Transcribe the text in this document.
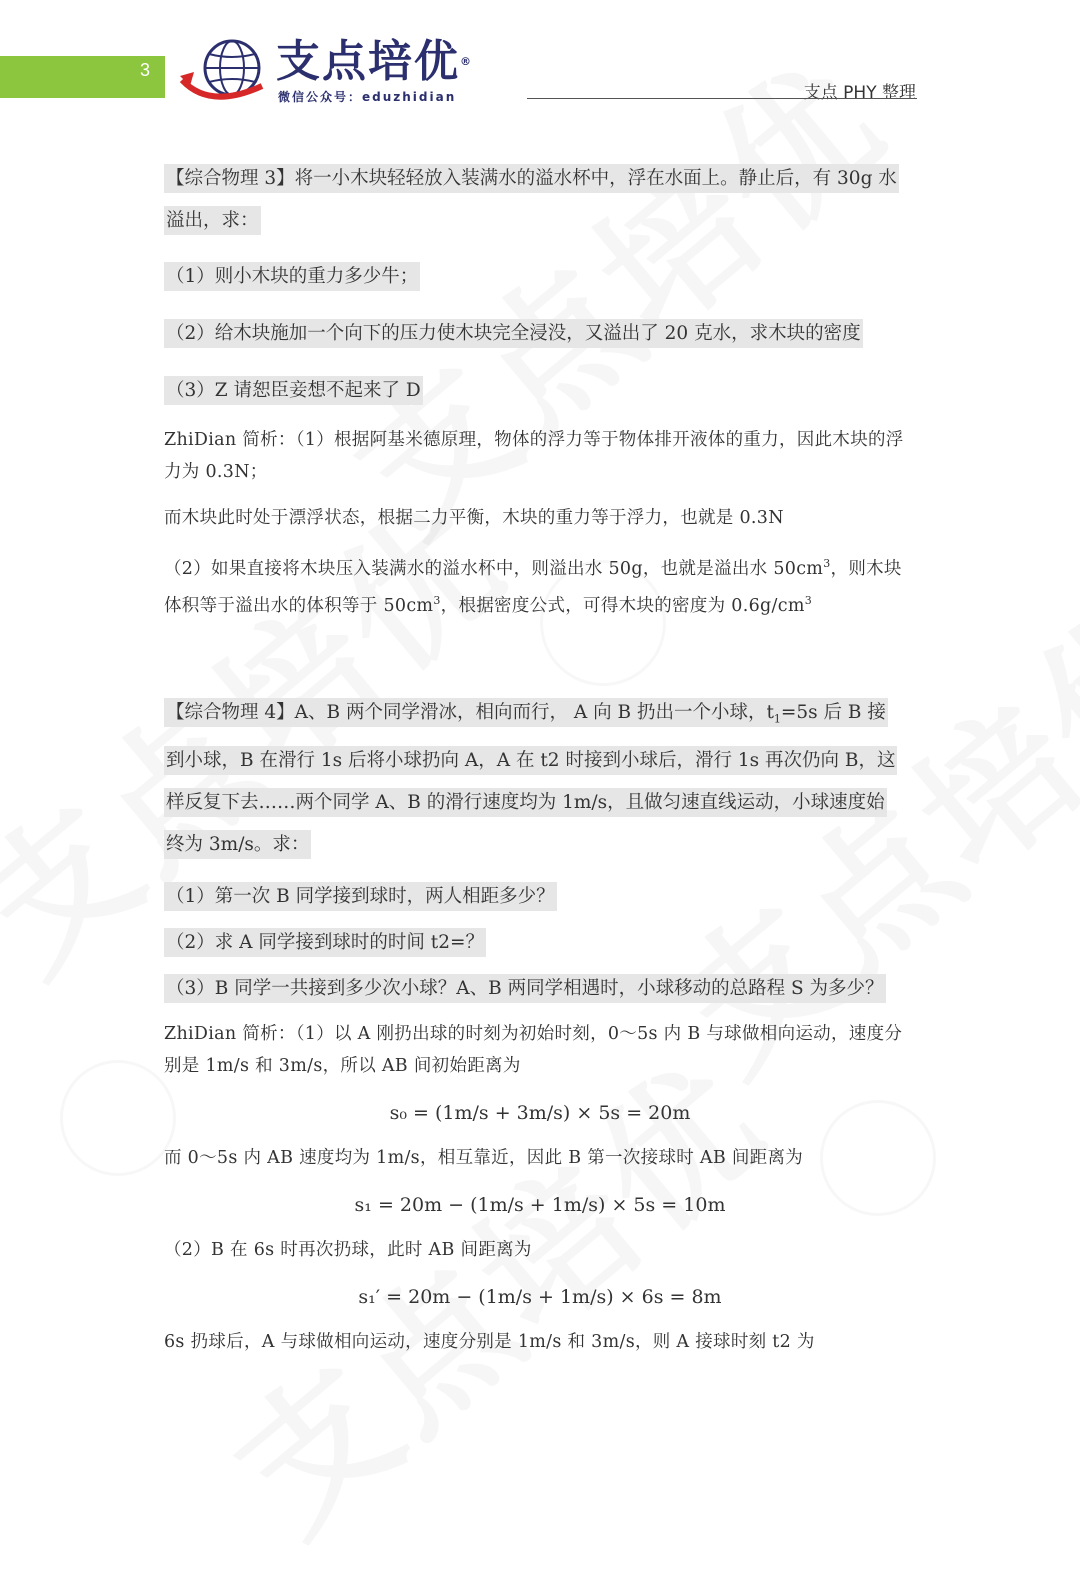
3	支点培优®
微信公众号：eduzhidian	支点 PHY 整理

【综合物理 3】将一小木块轻轻放入装满水的溢水杯中，浮在水面上。静止后，有 30g 水
溢出，求：

（1）则小木块的重力多少牛；

（2）给木块施加一个向下的压力使木块完全浸没，又溢出了 20 克水，求木块的密度

（3）Z 请恕臣妾想不起来了 D

ZhiDian 简析：（1）根据阿基米德原理，物体的浮力等于物体排开液体的重力，因此木块的浮力为 0.3N；

而木块此时处于漂浮状态，根据二力平衡，木块的重力等于浮力，也就是 0.3N

（2）如果直接将木块压入装满水的溢水杯中，则溢出水 50g，也就是溢出水 $50cm^3$，则木块体积等于溢出水的体积等于 $50cm^3$，根据密度公式，可得木块的密度为 $0.6g/cm^3$

【综合物理 4】A、B 两个同学滑冰，相向而行， A 向 B 扔出一个小球，$t_1=5s$ 后 B 接
到小球，B 在滑行 1s 后将小球扔向 A，A 在 t2 时接到小球后，滑行 1s 再次仍向 B，这
样反复下去……两个同学 A、B 的滑行速度均为 1m/s，且做匀速直线运动，小球速度始
终为 3m/s。求：

（1）第一次 B 同学接到球时，两人相距多少？

（2）求 A 同学接到球时的时间 t2=？

（3）B 同学一共接到多少次小球？A、B 两同学相遇时，小球移动的总路程 S 为多少？

ZhiDian 简析：（1）以 A 刚扔出球的时刻为初始时刻，0～5s 内 B 与球做相向运动，速度分别是 1m/s 和 3m/s，所以 AB 间初始距离为

s₀ = (1m/s + 3m/s) × 5s = 20m

而 0～5s 内 AB 速度均为 1m/s，相互靠近，因此 B 第一次接球时 AB 间距离为

s₁ = 20m − (1m/s + 1m/s) × 5s = 10m

（2）B 在 6s 时再次扔球，此时 AB 间距离为

s₁′ = 20m − (1m/s + 1m/s) × 6s = 8m

6s 扔球后，A 与球做相向运动，速度分别是 1m/s 和 3m/s，则 A 接球时刻 t2 为
